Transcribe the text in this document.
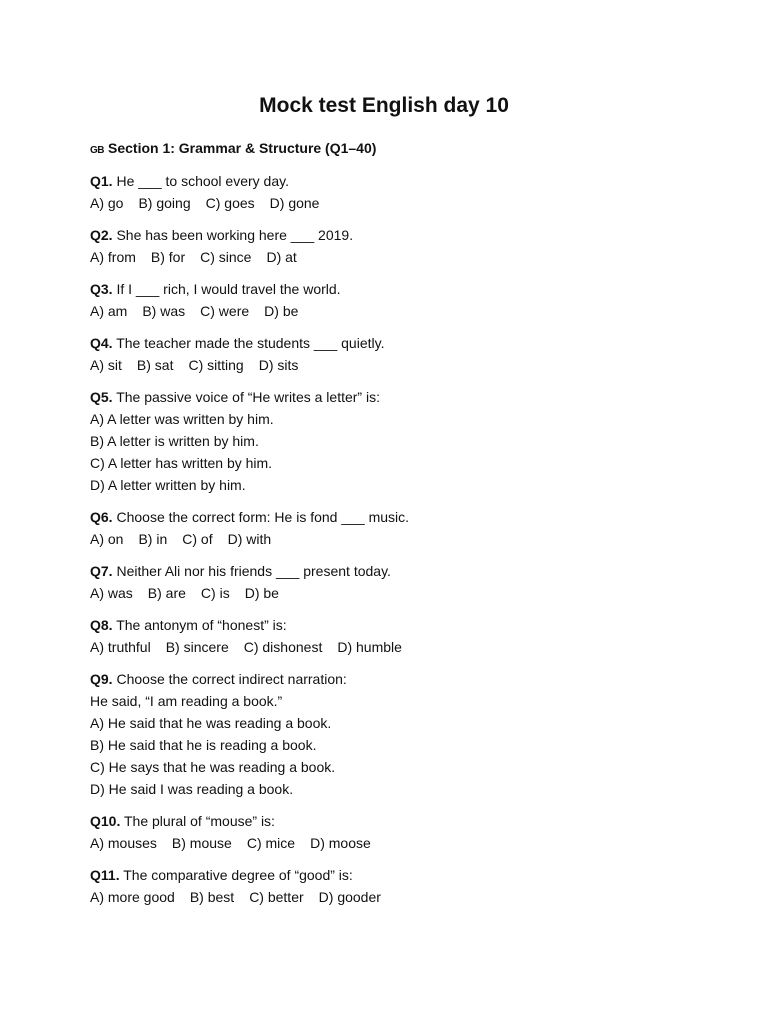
Mock test English day 10

GB Section 1: Grammar & Structure (Q1–40)

Q1. He ___ to school every day.
A) go B) going C) goes D) gone
Q2. She has been working here ___ 2019.
A) from B) for C) since D) at
Q3. If I ___ rich, I would travel the world.
A) am B) was C) were D) be
Q4. The teacher made the students ___ quietly.
A) sit B) sat C) sitting D) sits
Q5. The passive voice of “He writes a letter” is:
A) A letter was written by him.
B) A letter is written by him.
C) A letter has written by him.
D) A letter written by him.
Q6. Choose the correct form: He is fond ___ music.
A) on B) in C) of D) with
Q7. Neither Ali nor his friends ___ present today.
A) was B) are C) is D) be
Q8. The antonym of “honest” is:
A) truthful B) sincere C) dishonest D) humble
Q9. Choose the correct indirect narration:
He said, “I am reading a book.”
A) He said that he was reading a book.
B) He said that he is reading a book.
C) He says that he was reading a book.
D) He said I was reading a book.
Q10. The plural of “mouse” is:
A) mouses B) mouse C) mice D) moose
Q11. The comparative degree of “good” is:
A) more good B) best C) better D) gooder
